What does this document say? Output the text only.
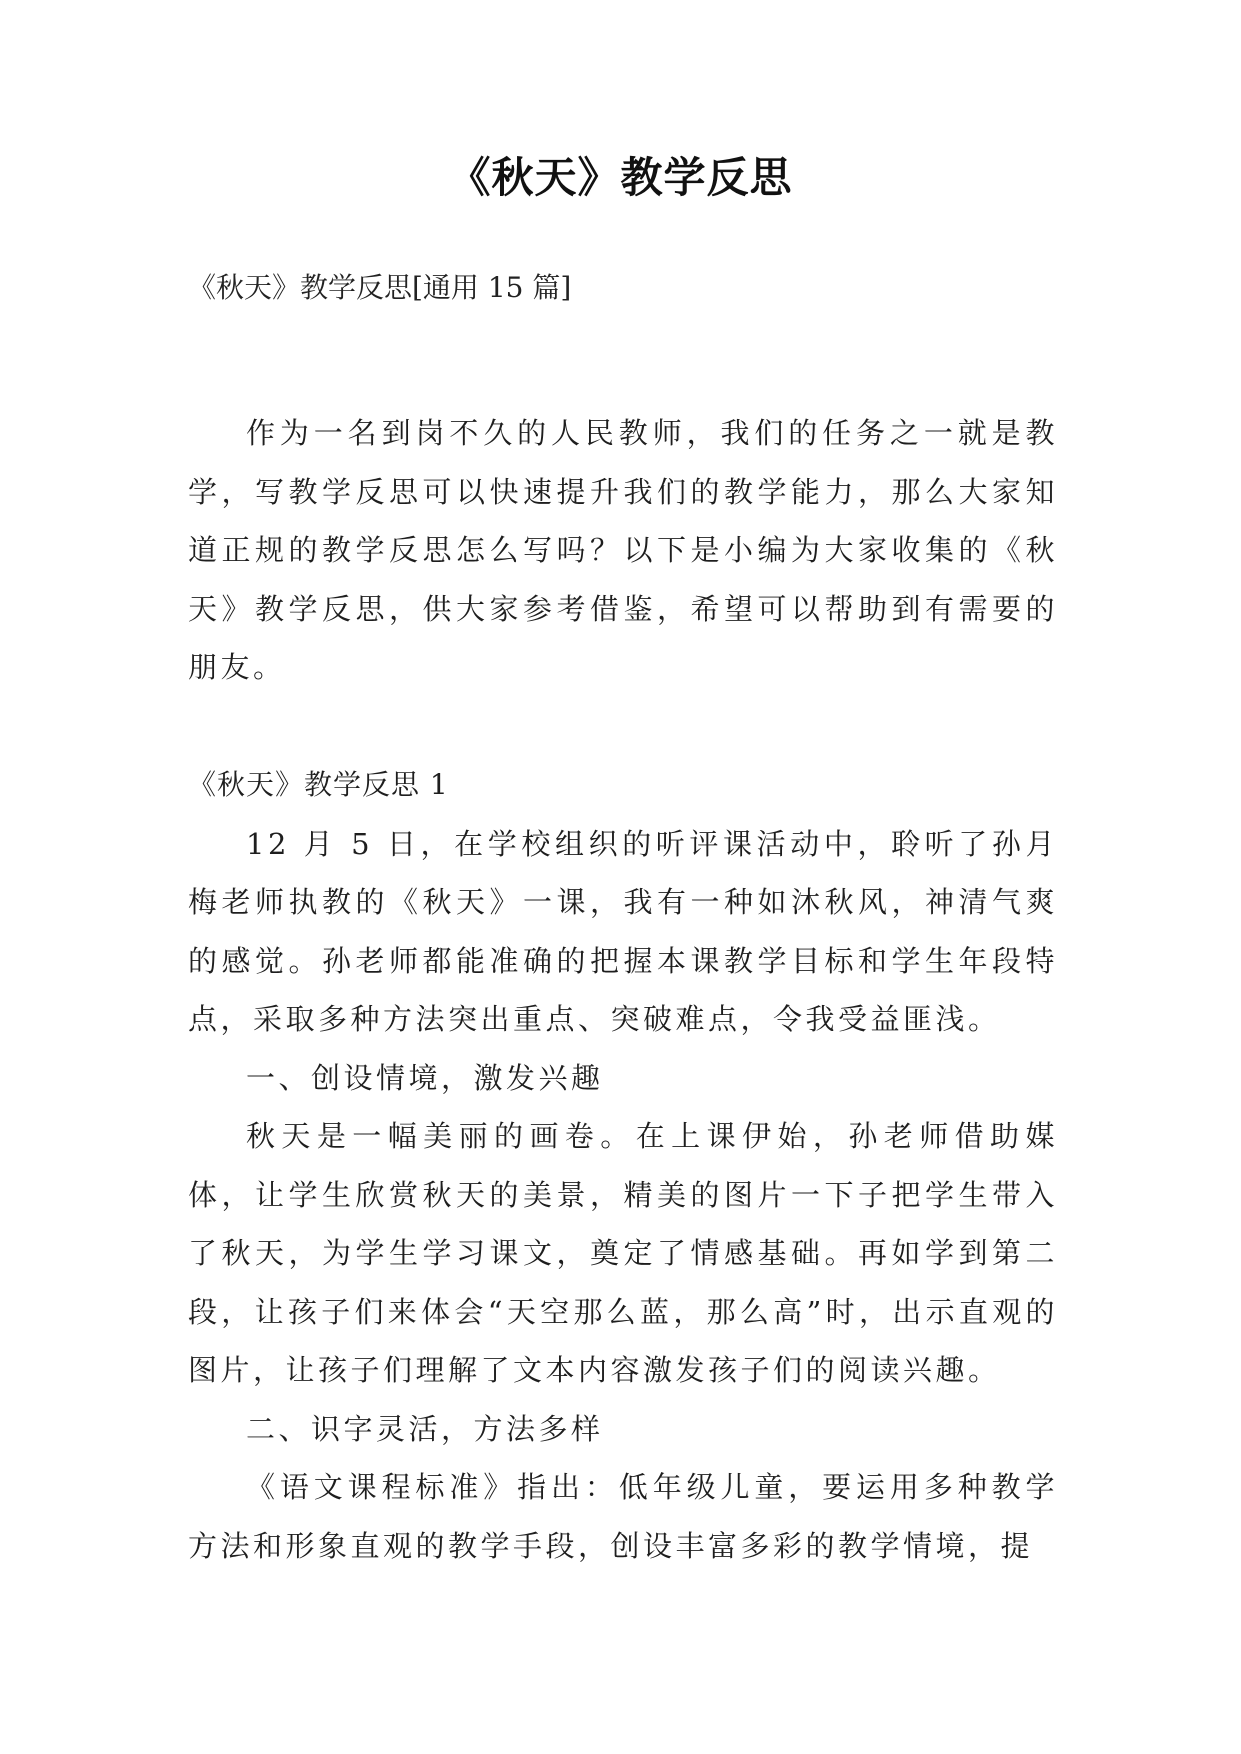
《秋天》教学反思
《秋天》教学反思[通用 15 篇]

作为一名到岗不久的人民教师，我们的任务之一就是教学，写教学反思可以快速提升我们的教学能力，那么大家知道正规的教学反思怎么写吗？以下是小编为大家收集的《秋天》教学反思，供大家参考借鉴，希望可以帮助到有需要的朋友。

《秋天》教学反思 1

12 月 5 日，在学校组织的听评课活动中，聆听了孙月梅老师执教的《秋天》一课，我有一种如沐秋风，神清气爽的感觉。孙老师都能准确的把握本课教学目标和学生年段特点，采取多种方法突出重点、突破难点，令我受益匪浅。

一、创设情境，激发兴趣

秋天是一幅美丽的画卷。在上课伊始，孙老师借助媒体，让学生欣赏秋天的美景，精美的图片一下子把学生带入了秋天，为学生学习课文，奠定了情感基础。再如学到第二段，让孩子们来体会“天空那么蓝，那么高”时，出示直观的图片，让孩子们理解了文本内容激发孩子们的阅读兴趣。

二、识字灵活，方法多样

《语文课程标准》指出：低年级儿童，要运用多种教学方法和形象直观的教学手段，创设丰富多彩的教学情境，提
